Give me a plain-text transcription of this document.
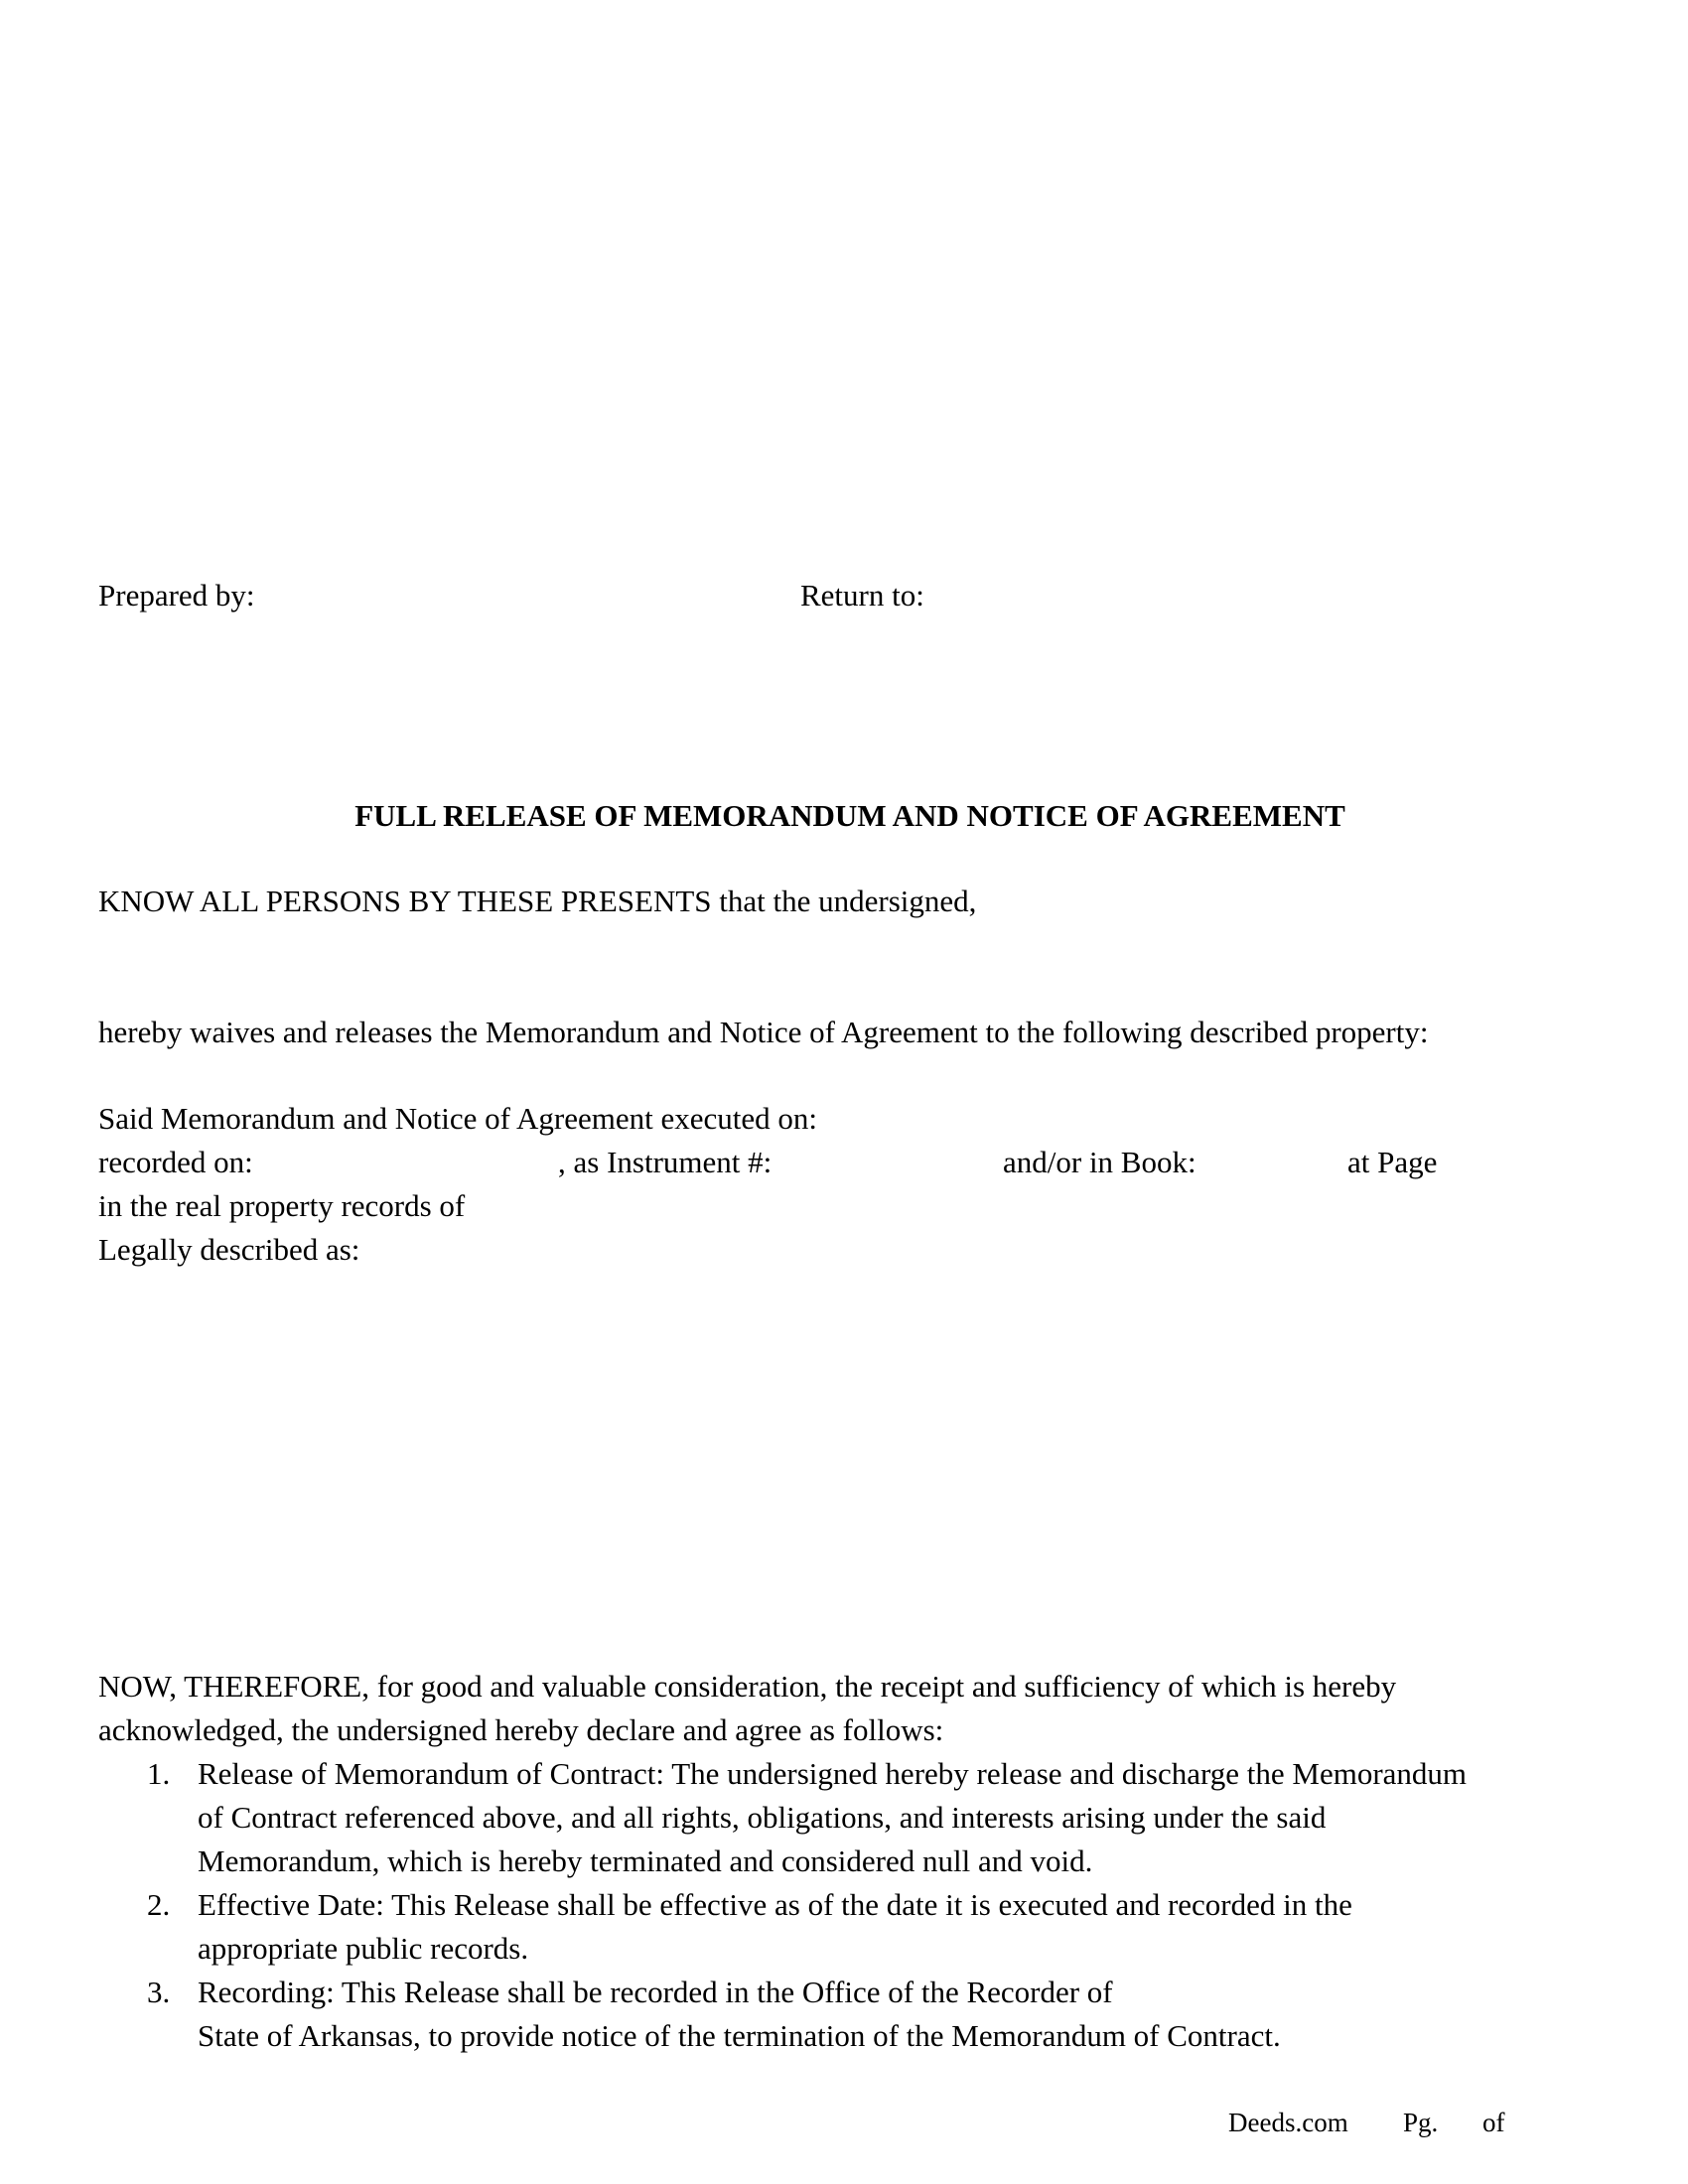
Prepared by:	Return to:
FULL RELEASE OF MEMORANDUM AND NOTICE OF AGREEMENT
KNOW ALL PERSONS BY THESE PRESENTS that the undersigned,
hereby waives and releases the Memorandum and Notice of Agreement to the following described property:
Said Memorandum and Notice of Agreement executed on:
recorded on:	, as Instrument #:	and/or in Book:	at Page
in the real property records of
Legally described as:
NOW, THEREFORE, for good and valuable consideration, the receipt and sufficiency of which is hereby
acknowledged, the undersigned hereby declare and agree as follows:
1. Release of Memorandum of Contract: The undersigned hereby release and discharge the Memorandum
of Contract referenced above, and all rights, obligations, and interests arising under the said
Memorandum, which is hereby terminated and considered null and void.
2. Effective Date: This Release shall be effective as of the date it is executed and recorded in the
appropriate public records.
3. Recording: This Release shall be recorded in the Office of the Recorder of
State of Arkansas, to provide notice of the termination of the Memorandum of Contract.
Deeds.com Pg. of
